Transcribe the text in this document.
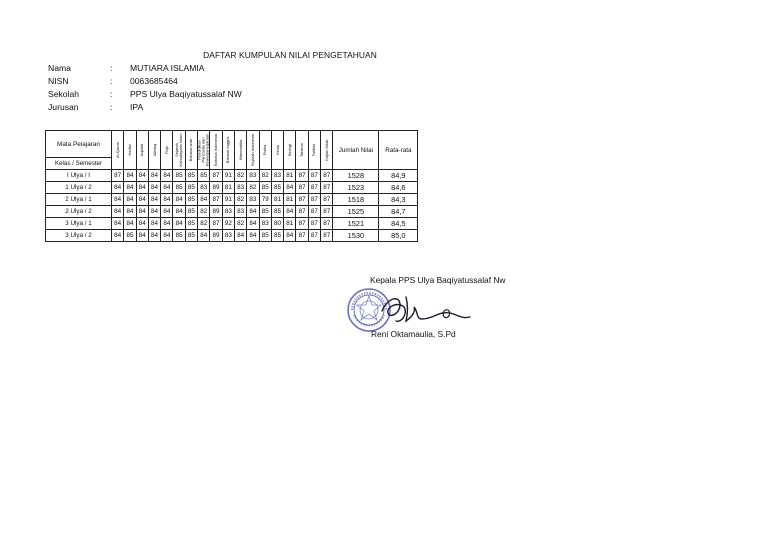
DAFTAR KUMPULAN NILAI PENGETAHUAN
Nama	:	MUTIARA ISLAMIA
NISN	:	0063685464
Sekolah	:	PPS Ulya Baqiyatussalaf NW
Jurusan	:	IPA
Mata Pelajaran	Al-Quran	Hadist	Aqidah	Akhlaq	Fiqh	Sejarah Kebudayaan Islam	Bahasa arab	Pendidikan Pancasila dan Kewarganegaraan	Bahasa Indonesia	Bahasa Inggris	Matematika	Sejarah Indonesia	Fisika	Kimia	Biologi	Tafsiran	Tahfidz	Kajian Kitab	Jumlah Nilai	Rata-rata
Kelas / Semester																				
I Ulya / I	87	84	84	84	84	85	85	85	87	91	82	83	82	83	81	87	87	87	1528	84,9
1 Ulya / 2	84	84	84	84	84	85	85	83	89	81	83	82	85	85	84	87	87	87	1523	84,6
2 Ulya / 1	84	84	84	84	84	84	85	84	87	91	82	83	79	81	81	87	87	87	1518	84,3
2 Ulya / 2	84	84	84	84	84	84	85	82	89	83	83	84	85	85	84	87	87	87	1525	84,7
3 Ulya / 1	84	84	84	84	84	84	85	82	87	92	82	84	83	80	81	87	87	87	1521	84,5
3 Ulya / 2	84	85	84	84	84	85	85	84	89	83	84	84	85	85	84	87	87	87	1530	85,0
Kepala PPS Ulya Baqiyatussalaf Nw
Reni Oktamaulia, S.Pd
